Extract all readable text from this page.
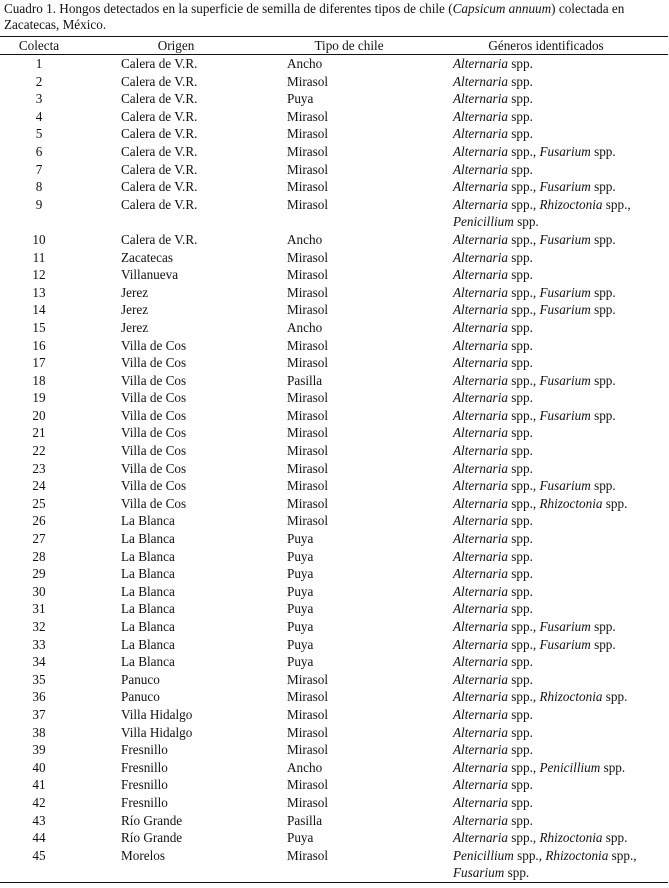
Cuadro 1. Hongos detectados en la superficie de semilla de diferentes tipos de chile (Capsicum annuum) colectada en Zacatecas, México.
Colecta	Origen	Tipo de chile	Géneros identificados
1	Calera de V.R.	Ancho	Alternaria spp.
2	Calera de V.R.	Mirasol	Alternaria spp.
3	Calera de V.R.	Puya	Alternaria spp.
4	Calera de V.R.	Mirasol	Alternaria spp.
5	Calera de V.R.	Mirasol	Alternaria spp.
6	Calera de V.R.	Mirasol	Alternaria spp., Fusarium spp.
7	Calera de V.R.	Mirasol	Alternaria spp.
8	Calera de V.R.	Mirasol	Alternaria spp., Fusarium spp.
9	Calera de V.R.	Mirasol	Alternaria spp., Rhizoctonia spp., Penicillium spp.
10	Calera de V.R.	Ancho	Alternaria spp., Fusarium spp.
11	Zacatecas	Mirasol	Alternaria spp.
12	Villanueva	Mirasol	Alternaria spp.
13	Jerez	Mirasol	Alternaria spp., Fusarium spp.
14	Jerez	Mirasol	Alternaria spp., Fusarium spp.
15	Jerez	Ancho	Alternaria spp.
16	Villa de Cos	Mirasol	Alternaria spp.
17	Villa de Cos	Mirasol	Alternaria spp.
18	Villa de Cos	Pasilla	Alternaria spp., Fusarium spp.
19	Villa de Cos	Mirasol	Alternaria spp.
20	Villa de Cos	Mirasol	Alternaria spp., Fusarium spp.
21	Villa de Cos	Mirasol	Alternaria spp.
22	Villa de Cos	Mirasol	Alternaria spp.
23	Villa de Cos	Mirasol	Alternaria spp.
24	Villa de Cos	Mirasol	Alternaria spp., Fusarium spp.
25	Villa de Cos	Mirasol	Alternaria spp., Rhizoctonia spp.
26	La Blanca	Mirasol	Alternaria spp.
27	La Blanca	Puya	Alternaria spp.
28	La Blanca	Puya	Alternaria spp.
29	La Blanca	Puya	Alternaria spp.
30	La Blanca	Puya	Alternaria spp.
31	La Blanca	Puya	Alternaria spp.
32	La Blanca	Puya	Alternaria spp., Fusarium spp.
33	La Blanca	Puya	Alternaria spp., Fusarium spp.
34	La Blanca	Puya	Alternaria spp.
35	Panuco	Mirasol	Alternaria spp.
36	Panuco	Mirasol	Alternaria spp., Rhizoctonia spp.
37	Villa Hidalgo	Mirasol	Alternaria spp.
38	Villa Hidalgo	Mirasol	Alternaria spp.
39	Fresnillo	Mirasol	Alternaria spp.
40	Fresnillo	Ancho	Alternaria spp., Penicillium spp.
41	Fresnillo	Mirasol	Alternaria spp.
42	Fresnillo	Mirasol	Alternaria spp.
43	Río Grande	Pasilla	Alternaria spp.
44	Río Grande	Puya	Alternaria spp., Rhizoctonia spp.
45	Morelos	Mirasol	Penicillium spp., Rhizoctonia spp., Fusarium spp.
